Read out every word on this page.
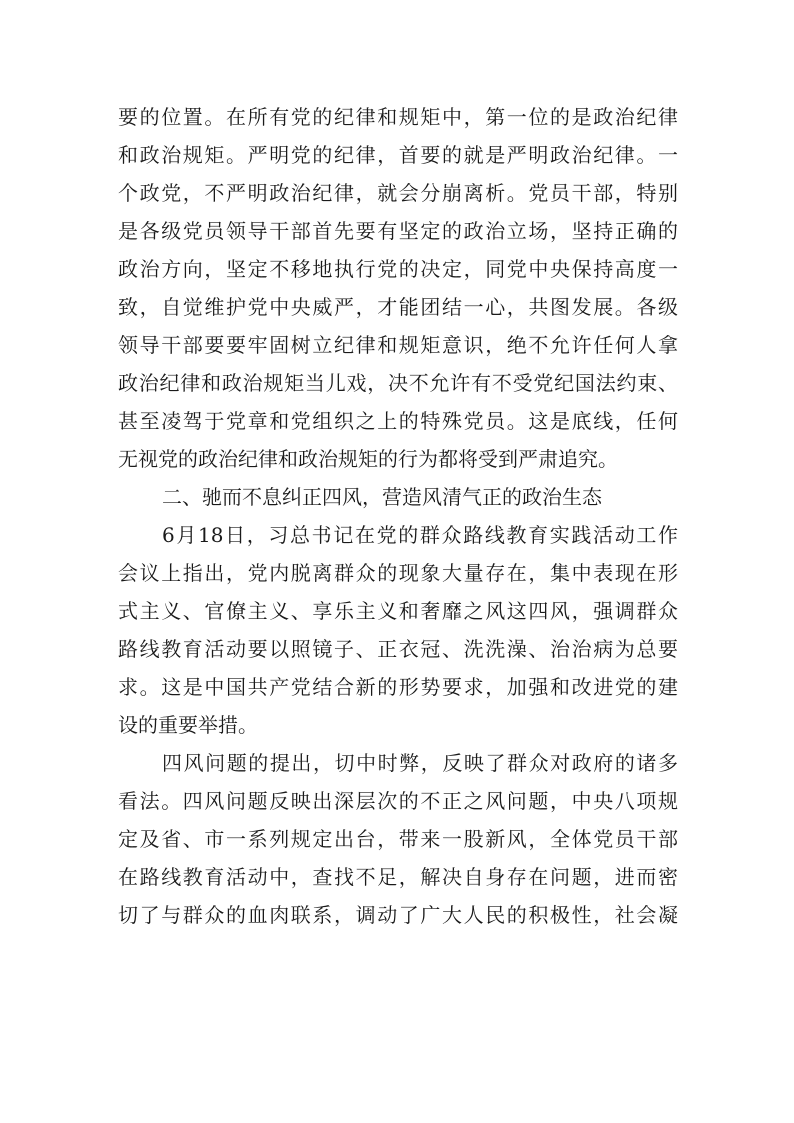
要的位置。在所有党的纪律和规矩中，第一位的是政治纪律
和政治规矩。严明党的纪律，首要的就是严明政治纪律。一
个政党，不严明政治纪律，就会分崩离析。党员干部，特别
是各级党员领导干部首先要有坚定的政治立场，坚持正确的
政治方向，坚定不移地执行党的决定，同党中央保持高度一
致，自觉维护党中央威严，才能团结一心，共图发展。各级
领导干部要要牢固树立纪律和规矩意识，绝不允许任何人拿
政治纪律和政治规矩当儿戏，决不允许有不受党纪国法约束、
甚至凌驾于党章和党组织之上的特殊党员。这是底线，任何
无视党的政治纪律和政治规矩的行为都将受到严肃追究。
二、驰而不息纠正四风，营造风清气正的政治生态
6月18日，习总书记在党的群众路线教育实践活动工作
会议上指出，党内脱离群众的现象大量存在，集中表现在形
式主义、官僚主义、享乐主义和奢靡之风这四风，强调群众
路线教育活动要以照镜子、正衣冠、洗洗澡、治治病为总要
求。这是中国共产党结合新的形势要求，加强和改进党的建
设的重要举措。
四风问题的提出，切中时弊，反映了群众对政府的诸多
看法。四风问题反映出深层次的不正之风问题，中央八项规
定及省、市一系列规定出台，带来一股新风，全体党员干部
在路线教育活动中，查找不足，解决自身存在问题，进而密
切了与群众的血肉联系，调动了广大人民的积极性，社会凝
